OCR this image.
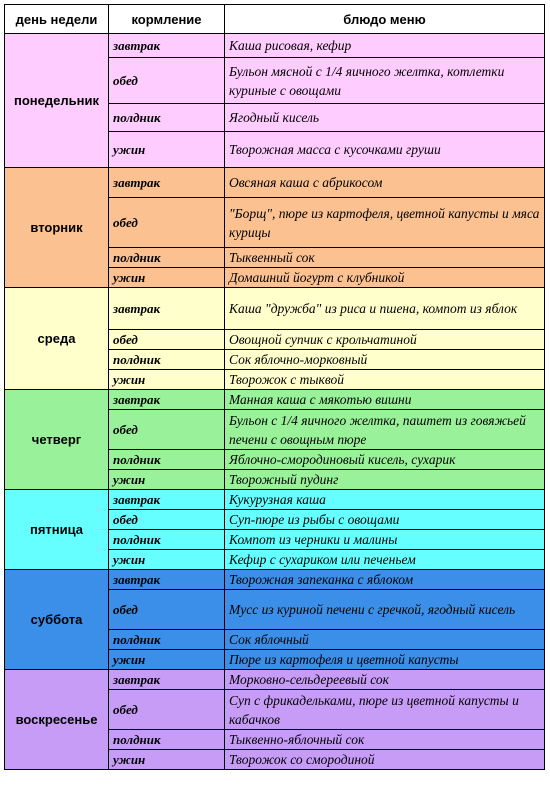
день недели	кормление	блюдо меню
понедельник	завтрак	Каша рисовая, кефир
	обед	Бульон мясной с 1/4 яичного желтка, котлетки куриные с овощами
	полдник	Ягодный кисель
	ужин	Творожная масса с кусочками груши
вторник	завтрак	Овсяная каша с абрикосом
	обед	"Борщ", пюре из картофеля, цветной капусты и мяса курицы
	полдник	Тыквенный сок
	ужин	Домашний йогурт с клубникой
среда	завтрак	Каша "дружба" из риса и пшена, компот из яблок
	обед	Овощной супчик с крольчатиной
	полдник	Сок яблочно-морковный
	ужин	Творожок с тыквой
четверг	завтрак	Манная каша с мякотью вишни
	обед	Бульон с 1/4 яичного желтка, паштет из говяжьей печени с овощным пюре
	полдник	Яблочно-смородиновый кисель, сухарик
	ужин	Творожный пудинг
пятница	завтрак	Кукурузная каша
	обед	Суп-пюре из рыбы с овощами
	полдник	Компот из черники и малины
	ужин	Кефир с сухариком или печеньем
суббота	завтрак	Творожная запеканка с яблоком
	обед	Мусс из куриной печени с гречкой, ягодный кисель
	полдник	Сок яблочный
	ужин	Пюре из картофеля и цветной капусты
воскресенье	завтрак	Морковно-сельдереевый сок
	обед	Суп с фрикадельками, пюре из цветной капусты и кабачков
	полдник	Тыквенно-яблочный сок
	ужин	Творожок со смородиной
